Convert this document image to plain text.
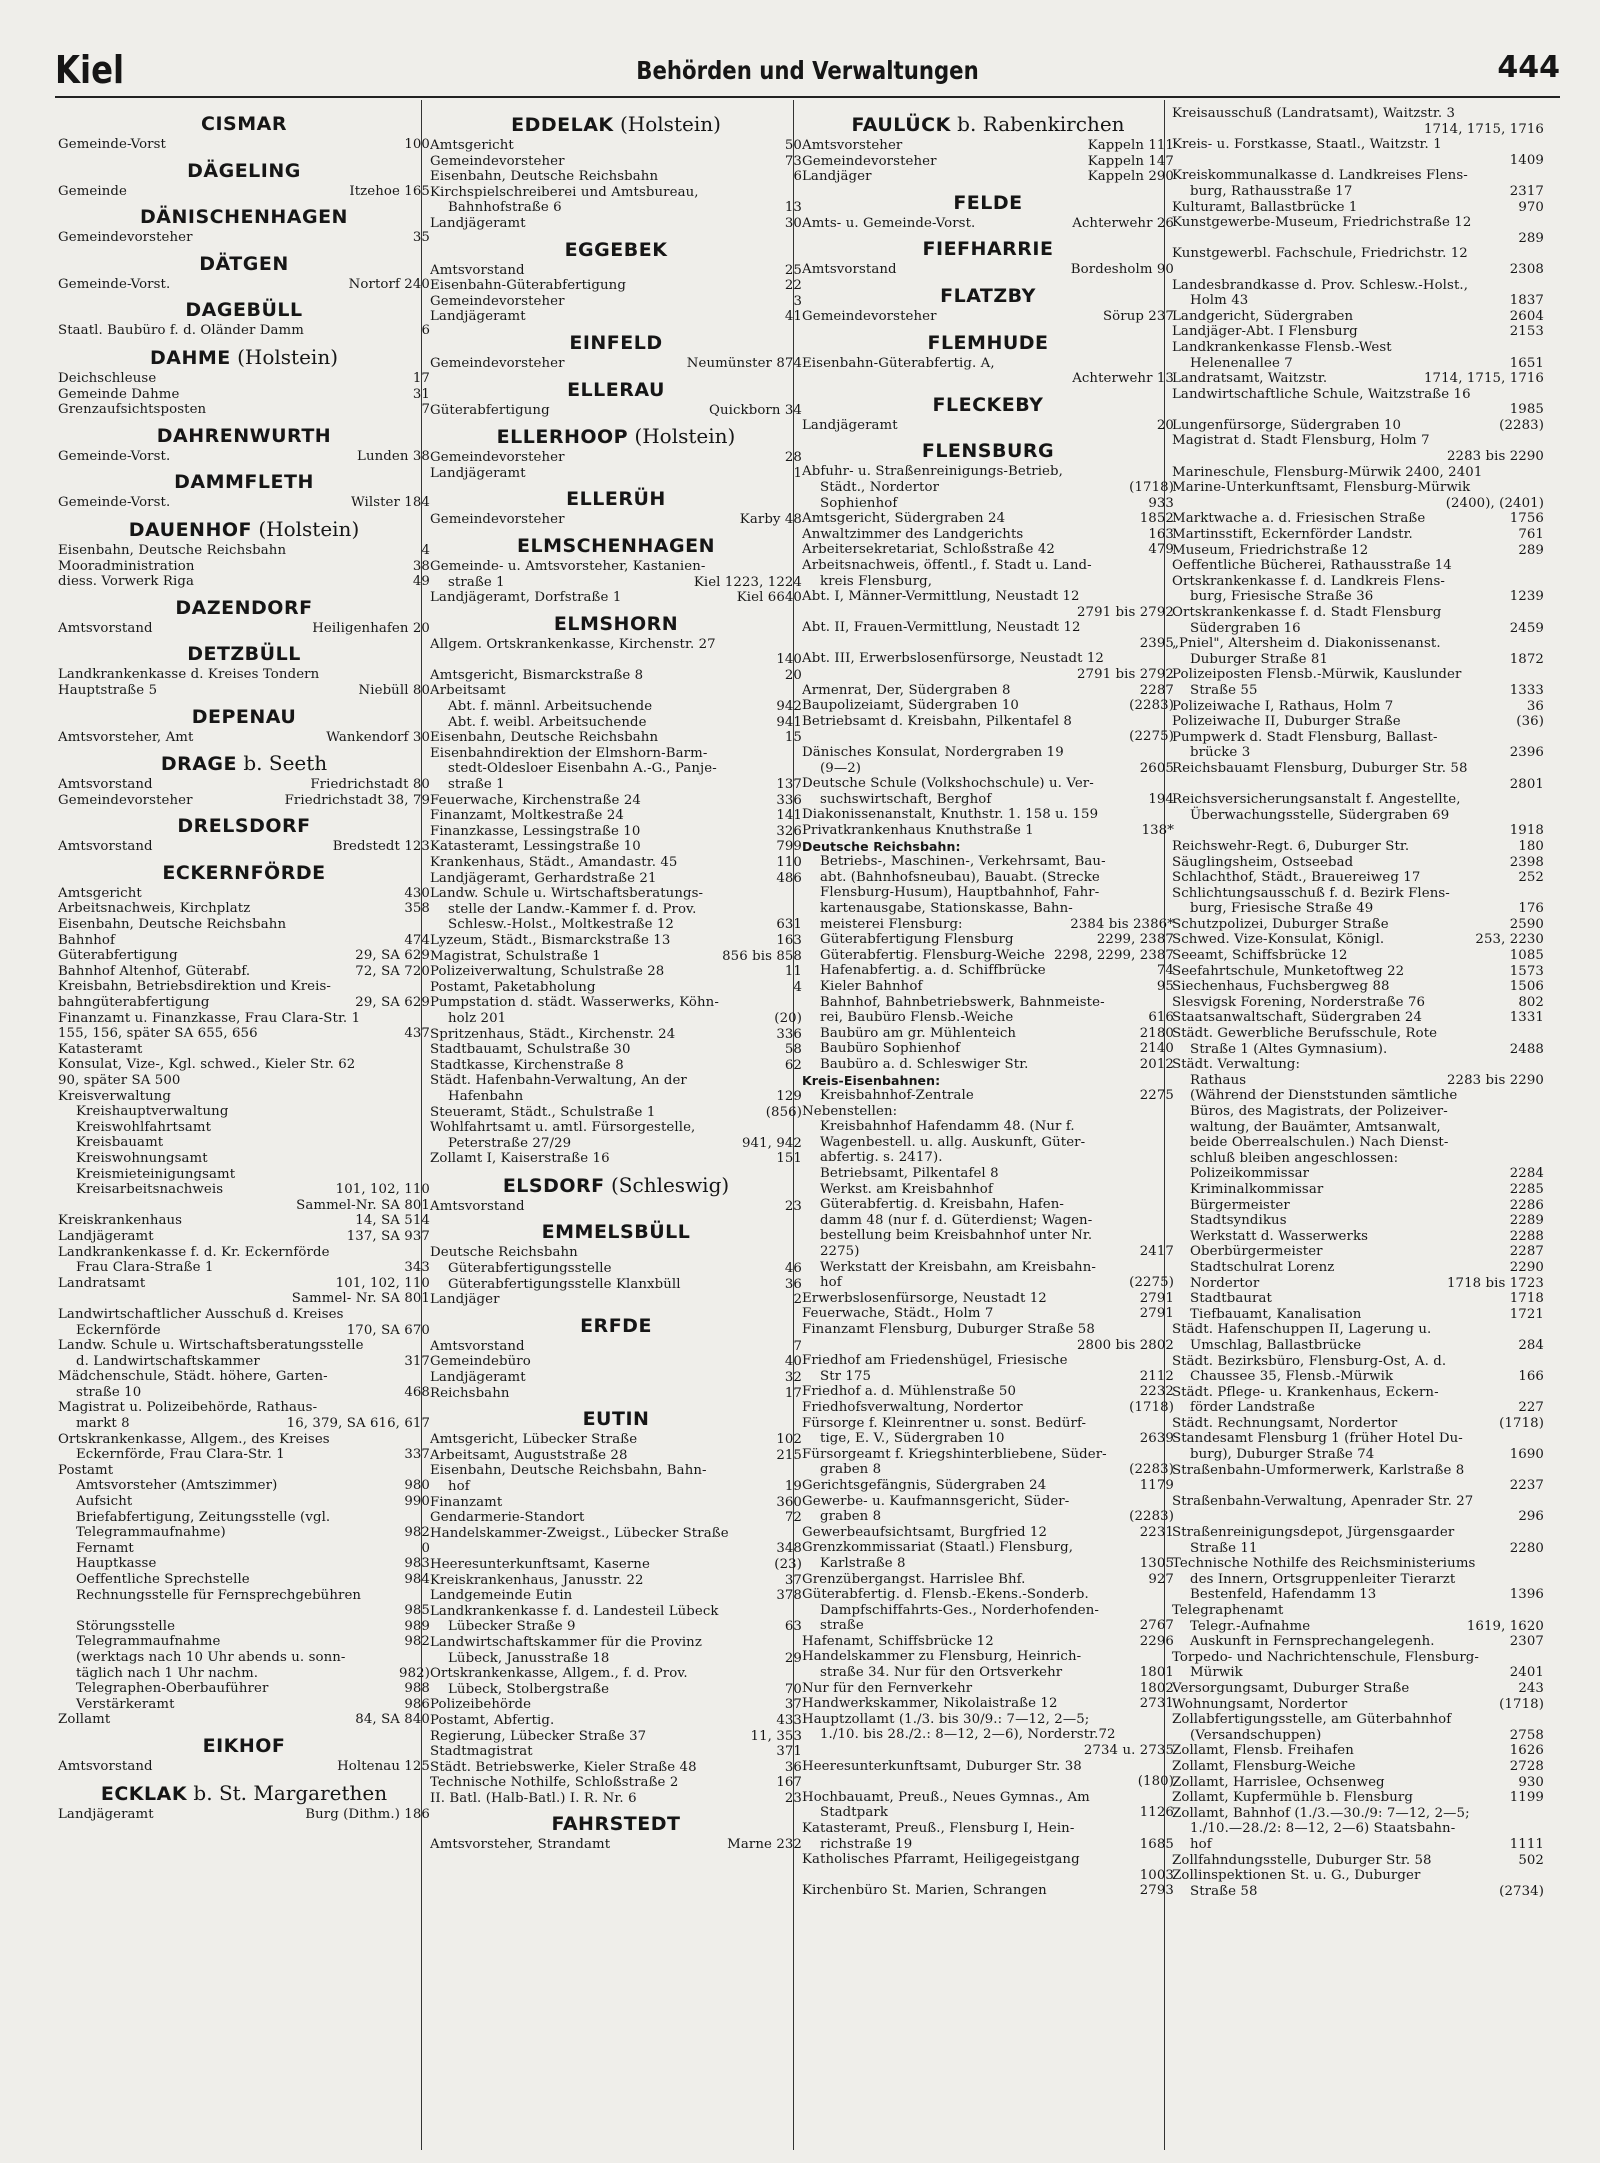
Kiel	Behörden und Verwaltungen	444
CISMAR
Gemeinde-Vorst	100
DÄGELING
Gemeinde	Itzehoe 165
DÄNISCHENHAGEN
Gemeindevorsteher	35
DÄTGEN
Gemeinde-Vorst.	Nortorf 240
DAGEBÜLL
Staatl. Baubüro f. d. Oländer Damm	6
DAHME (Holstein)
Deichschleuse	17
Gemeinde Dahme	31
Grenzaufsichtsposten	7
DAHRENWURTH
Gemeinde-Vorst.	Lunden 38
DAMMFLETH
Gemeinde-Vorst.	Wilster 184
DAUENHOF (Holstein)
Eisenbahn, Deutsche Reichsbahn	4
Mooradministration	38
diess. Vorwerk Riga	49
DAZENDORF
Amtsvorstand	Heiligenhafen 20
DETZBÜLL
Landkrankenkasse d. Kreises Tondern
Hauptstraße 5	Niebüll 80
DEPENAU
Amtsvorsteher, Amt	Wankendorf 30
DRAGE b. Seeth
Amtsvorstand	Friedrichstadt 80
Gemeindevorsteher	Friedrichstadt 38, 79
DRELSDORF
Amtsvorstand	Bredstedt 123
ECKERNFÖRDE
Amtsgericht	430
Arbeitsnachweis, Kirchplatz	358
Eisenbahn, Deutsche Reichsbahn
Bahnhof	474
Güterabfertigung	29, SA 629
Bahnhof Altenhof, Güterabf.	72, SA 720
Kreisbahn, Betriebsdirektion und Kreis-
bahngüterabfertigung	29, SA 629
Finanzamt u. Finanzkasse, Frau Clara-Str. 1
155, 156, später SA 655, 656	437
Katasteramt
Konsulat, Vize-, Kgl. schwed., Kieler Str. 62
90, später SA 500
Kreisverwaltung
Kreishauptverwaltung
Kreiswohlfahrtsamt
Kreisbauamt
Kreiswohnungsamt
Kreismieteinigungsamt
Kreisarbeitsnachweis	101, 102, 110
Sammel-Nr. SA 801
Kreiskrankenhaus	14, SA 514
Landjägeramt	137, SA 937
Landkrankenkasse f. d. Kr. Eckernförde
Frau Clara-Straße 1	343
Landratsamt	101, 102, 110
Sammel- Nr. SA 801
Landwirtschaftlicher Ausschuß d. Kreises
Eckernförde	170, SA 670
Landw. Schule u. Wirtschaftsberatungsstelle
d. Landwirtschaftskammer	317
Mädchenschule, Städt. höhere, Garten-
straße 10	468
Magistrat u. Polizeibehörde, Rathaus-
markt 8	16, 379, SA 616, 617
Ortskrankenkasse, Allgem., des Kreises
Eckernförde, Frau Clara-Str. 1	337
Postamt
Amtsvorsteher (Amtszimmer)	980
Aufsicht	990
Briefabfertigung, Zeitungsstelle (vgl.
Telegrammaufnahme)	982
Fernamt	0
Hauptkasse	983
Oeffentliche Sprechstelle	984
Rechnungsstelle für Fernsprechgebühren
985
Störungsstelle	989
Telegrammaufnahme	982
(werktags nach 10 Uhr abends u. sonn-
täglich nach 1 Uhr nachm.	982)
Telegraphen-Oberbauführer	988
Verstärkeramt	986
Zollamt	84, SA 840
EIKHOF
Amtsvorstand	Holtenau 125
ECKLAK b. St. Margarethen
Landjägeramt	Burg (Dithm.) 186
EDDELAK (Holstein)
Amtsgericht	50
Gemeindevorsteher	73
Eisenbahn, Deutsche Reichsbahn	6
Kirchspielschreiberei und Amtsbureau,
Bahnhofstraße 6	13
Landjägeramt	30
EGGEBEK
Amtsvorstand	25
Eisenbahn-Güterabfertigung	22
Gemeindevorsteher	3
Landjägeramt	41
EINFELD
Gemeindevorsteher	Neumünster 874
ELLERAU
Güterabfertigung	Quickborn 34
ELLERHOOP (Holstein)
Gemeindevorsteher	28
Landjägeramt	1
ELLERÜH
Gemeindevorsteher	Karby 48
ELMSCHENHAGEN
Gemeinde- u. Amtsvorsteher, Kastanien-
straße 1	Kiel 1223, 1224
Landjägeramt, Dorfstraße 1	Kiel 6640
ELMSHORN
Allgem. Ortskrankenkasse, Kirchenstr. 27
140
Amtsgericht, Bismarckstraße 8	20
Arbeitsamt
Abt. f. männl. Arbeitsuchende	942
Abt. f. weibl. Arbeitsuchende	941
Eisenbahn, Deutsche Reichsbahn	15
Eisenbahndirektion der Elmshorn-Barm-
stedt-Oldesloer Eisenbahn A.-G., Panje-
straße 1	137
Feuerwache, Kirchenstraße 24	336
Finanzamt, Moltkestraße 24	141
Finanzkasse, Lessingstraße 10	326
Katasteramt, Lessingstraße 10	799
Krankenhaus, Städt., Amandastr. 45	110
Landjägeramt, Gerhardstraße 21	486
Landw. Schule u. Wirtschaftsberatungs-
stelle der Landw.-Kammer f. d. Prov.
Schlesw.-Holst., Moltkestraße 12	631
Lyzeum, Städt., Bismarckstraße 13	163
Magistrat, Schulstraße 1	856 bis 858
Polizeiverwaltung, Schulstraße 28	11
Postamt, Paketabholung	4
Pumpstation d. städt. Wasserwerks, Köhn-
holz 201	(20)
Spritzenhaus, Städt., Kirchenstr. 24	336
Stadtbauamt, Schulstraße 30	58
Stadtkasse, Kirchenstraße 8	62
Städt. Hafenbahn-Verwaltung, An der
Hafenbahn	129
Steueramt, Städt., Schulstraße 1	(856)
Wohlfahrtsamt u. amtl. Fürsorgestelle,
Peterstraße 27/29	941, 942
Zollamt I, Kaiserstraße 16	151
ELSDORF (Schleswig)
Amtsvorstand	23
EMMELSBÜLL
Deutsche Reichsbahn
Güterabfertigungsstelle	46
Güterabfertigungsstelle Klanxbüll	36
Landjäger	2
ERFDE
Amtsvorstand	7
Gemeindebüro	40
Landjägeramt	32
Reichsbahn	17
EUTIN
Amtsgericht, Lübecker Straße	102
Arbeitsamt, Auguststraße 28	215
Eisenbahn, Deutsche Reichsbahn, Bahn-
hof	19
Finanzamt	360
Gendarmerie-Standort	72
Handelskammer-Zweigst., Lübecker Straße
348
Heeresunterkunftsamt, Kaserne	(23)
Kreiskrankenhaus, Janusstr. 22	37
Landgemeinde Eutin	378
Landkrankenkasse f. d. Landesteil Lübeck
Lübecker Straße 9	63
Landwirtschaftskammer für die Provinz
Lübeck, Janusstraße 18	29
Ortskrankenkasse, Allgem., f. d. Prov.
Lübeck, Stolbergstraße	70
Polizeibehörde	37
Postamt, Abfertig.	433
Regierung, Lübecker Straße 37	11, 353
Stadtmagistrat	371
Städt. Betriebswerke, Kieler Straße 48	36
Technische Nothilfe, Schloßstraße 2	167
II. Batl. (Halb-Batl.) I. R. Nr. 6	23
FAHRSTEDT
Amtsvorsteher, Strandamt	Marne 232
FAULÜCK b. Rabenkirchen
Amtsvorsteher	Kappeln 111
Gemeindevorsteher	Kappeln 147
Landjäger	Kappeln 290
FELDE
Amts- u. Gemeinde-Vorst.	Achterwehr 26
FIEFHARRIE
Amtsvorstand	Bordesholm 90
FLATZBY
Gemeindevorsteher	Sörup 237
FLEMHUDE
Eisenbahn-Güterabfertig. A,
Achterwehr 13
FLECKEBY
Landjägeramt	20
FLENSBURG
Abfuhr- u. Straßenreinigungs-Betrieb,
Städt., Nordertor	(1718)
Sophienhof	933
Amtsgericht, Südergraben 24	1852
Anwaltzimmer des Landgerichts	163
Arbeitersekretariat, Schloßstraße 42	479
Arbeitsnachweis, öffentl., f. Stadt u. Land-
kreis Flensburg,
Abt. I, Männer-Vermittlung, Neustadt 12
2791 bis 2792
Abt. II, Frauen-Vermittlung, Neustadt 12
2395
Abt. III, Erwerbslosenfürsorge, Neustadt 12
2791 bis 2792
Armenrat, Der, Südergraben 8	2287
Baupolizeiamt, Südergraben 10	(2283)
Betriebsamt d. Kreisbahn, Pilkentafel 8
(2275)
Dänisches Konsulat, Nordergraben 19
(9—2)	2605
Deutsche Schule (Volkshochschule) u. Ver-
suchswirtschaft, Berghof	194
Diakonissenanstalt, Knuthstr. 1. 158 u. 159
Privatkrankenhaus Knuthstraße 1	138*
Deutsche Reichsbahn:
Betriebs-, Maschinen-, Verkehrsamt, Bau-
abt. (Bahnhofsneubau), Bauabt. (Strecke
Flensburg-Husum), Hauptbahnhof, Fahr-
kartenausgabe, Stationskasse, Bahn-
meisterei Flensburg:	2384 bis 2386*
Güterabfertigung Flensburg	2299, 2387
Güterabfertig. Flensburg-Weiche 2298, 2299, 2387
Hafenabfertig. a. d. Schiffbrücke	74
Kieler Bahnhof	95
Bahnhof, Bahnbetriebswerk, Bahnmeiste-
rei, Baubüro Flensb.-Weiche	616
Baubüro am gr. Mühlenteich	2180
Baubüro Sophienhof	2140
Baubüro a. d. Schleswiger Str.	2012
Kreis-Eisenbahnen:
Kreisbahnhof-Zentrale	2275
Nebenstellen:
Kreisbahnhof Hafendamm 48. (Nur f.
Wagenbestell. u. allg. Auskunft, Güter-
abfertig. s. 2417).
Betriebsamt, Pilkentafel 8
Werkst. am Kreisbahnhof
Güterabfertig. d. Kreisbahn, Hafen-
damm 48 (nur f. d. Güterdienst; Wagen-
bestellung beim Kreisbahnhof unter Nr.
2275)	2417
Werkstatt der Kreisbahn, am Kreisbahn-
hof	(2275)
Erwerbslosenfürsorge, Neustadt 12	2791
Feuerwache, Städt., Holm 7	2791
Finanzamt Flensburg, Duburger Straße 58
2800 bis 2802
Friedhof am Friedenshügel, Friesische
Str 175	2112
Friedhof a. d. Mühlenstraße 50	2232
Friedhofsverwaltung, Nordertor	(1718)
Fürsorge f. Kleinrentner u. sonst. Bedürf-
tige, E. V., Südergraben 10	2639
Fürsorgeamt f. Kriegshinterbliebene, Süder-
graben 8	(2283)
Gerichtsgefängnis, Südergraben 24	1179
Gewerbe- u. Kaufmannsgericht, Süder-
graben 8	(2283)
Gewerbeaufsichtsamt, Burgfried 12	2231
Grenzkommissariat (Staatl.) Flensburg,
Karlstraße 8	1305
Grenzübergangst. Harrislee Bhf.	927
Güterabfertig. d. Flensb.-Ekens.-Sonderb.
Dampfschiffahrts-Ges., Norderhofenden-
straße	2767
Hafenamt, Schiffsbrücke 12	2296
Handelskammer zu Flensburg, Heinrich-
straße 34. Nur für den Ortsverkehr	1801
Nur für den Fernverkehr	1802
Handwerkskammer, Nikolaistraße 12	2731
Hauptzollamt (1./3. bis 30/9.: 7—12, 2—5;
1./10. bis 28./2.: 8—12, 2—6), Norderstr.72
2734 u. 2735
Heeresunterkunftsamt, Duburger Str. 38
(180)
Hochbauamt, Preuß., Neues Gymnas., Am
Stadtpark	1126
Katasteramt, Preuß., Flensburg I, Hein-
richstraße 19	1685
Katholisches Pfarramt, Heiligegeistgang
1003
Kirchenbüro St. Marien, Schrangen	2793
Kreisausschuß (Landratsamt), Waitzstr. 3
1714, 1715, 1716
Kreis- u. Forstkasse, Staatl., Waitzstr. 1
1409
Kreiskommunalkasse d. Landkreises Flens-
burg, Rathausstraße 17	2317
Kulturamt, Ballastbrücke 1	970
Kunstgewerbe-Museum, Friedrichstraße 12
289
Kunstgewerbl. Fachschule, Friedrichstr. 12
2308
Landesbrandkasse d. Prov. Schlesw.-Holst.,
Holm 43	1837
Landgericht, Südergraben	2604
Landjäger-Abt. I Flensburg	2153
Landkrankenkasse Flensb.-West
Helenenallee 7	1651
Landratsamt, Waitzstr.	1714, 1715, 1716
Landwirtschaftliche Schule, Waitzstraße 16
1985
Lungenfürsorge, Südergraben 10	(2283)
Magistrat d. Stadt Flensburg, Holm 7
2283 bis 2290
Marineschule, Flensburg-Mürwik 2400, 2401
Marine-Unterkunftsamt, Flensburg-Mürwik
(2400), (2401)
Marktwache a. d. Friesischen Straße	1756
Martinsstift, Eckernförder Landstr.	761
Museum, Friedrichstraße 12	289
Oeffentliche Bücherei, Rathausstraße 14
Ortskrankenkasse f. d. Landkreis Flens-
burg, Friesische Straße 36	1239
Ortskrankenkasse f. d. Stadt Flensburg
Südergraben 16	2459
„Pniel", Altersheim d. Diakonissenanst.
Duburger Straße 81	1872
Polizeiposten Flensb.-Mürwik, Kauslunder
Straße 55	1333
Polizeiwache I, Rathaus, Holm 7	36
Polizeiwache II, Duburger Straße	(36)
Pumpwerk d. Stadt Flensburg, Ballast-
brücke 3	2396
Reichsbauamt Flensburg, Duburger Str. 58
2801
Reichsversicherungsanstalt f. Angestellte,
Überwachungsstelle, Südergraben 69
1918
Reichswehr-Regt. 6, Duburger Str.	180
Säuglingsheim, Ostseebad	2398
Schlachthof, Städt., Brauereiweg 17	252
Schlichtungsausschuß f. d. Bezirk Flens-
burg, Friesische Straße 49	176
Schutzpolizei, Duburger Straße	2590
Schwed. Vize-Konsulat, Königl.	253, 2230
Seeamt, Schiffsbrücke 12	1085
Seefahrtschule, Munketoftweg 22	1573
Siechenhaus, Fuchsbergweg 88	1506
Slesvigsk Forening, Norderstraße 76	802
Staatsanwaltschaft, Südergraben 24	1331
Städt. Gewerbliche Berufsschule, Rote
Straße 1 (Altes Gymnasium).	2488
Städt. Verwaltung:
Rathaus	2283 bis 2290
(Während der Dienststunden sämtliche
Büros, des Magistrats, der Polizeiver-
waltung, der Bauämter, Amtsanwalt,
beide Oberrealschulen.) Nach Dienst-
schluß bleiben angeschlossen:
Polizeikommissar	2284
Kriminalkommissar	2285
Bürgermeister	2286
Stadtsyndikus	2289
Werkstatt d. Wasserwerks	2288
Oberbürgermeister	2287
Stadtschulrat Lorenz	2290
Nordertor	1718 bis 1723
Stadtbaurat	1718
Tiefbauamt, Kanalisation	1721
Städt. Hafenschuppen II, Lagerung u.
Umschlag, Ballastbrücke	284
Städt. Bezirksbüro, Flensburg-Ost, A. d.
Chaussee 35, Flensb.-Mürwik	166
Städt. Pflege- u. Krankenhaus, Eckern-
förder Landstraße	227
Städt. Rechnungsamt, Nordertor	(1718)
Standesamt Flensburg 1 (früher Hotel Du-
burg), Duburger Straße 74	1690
Straßenbahn-Umformerwerk, Karlstraße 8
2237
Straßenbahn-Verwaltung, Apenrader Str. 27
296
Straßenreinigungsdepot, Jürgensgaarder
Straße 11	2280
Technische Nothilfe des Reichsministeriums
des Innern, Ortsgruppenleiter Tierarzt
Bestenfeld, Hafendamm 13	1396
Telegraphenamt
Telegr.-Aufnahme	1619, 1620
Auskunft in Fernsprechangelegenh.	2307
Torpedo- und Nachrichtenschule, Flensburg-
Mürwik	2401
Versorgungsamt, Duburger Straße	243
Wohnungsamt, Nordertor	(1718)
Zollabfertigungsstelle, am Güterbahnhof
(Versandschuppen)	2758
Zollamt, Flensb. Freihafen	1626
Zollamt, Flensburg-Weiche	2728
Zollamt, Harrislee, Ochsenweg	930
Zollamt, Kupfermühle b. Flensburg	1199
Zollamt, Bahnhof (1./3.—30./9: 7—12, 2—5;
1./10.—28./2: 8—12, 2—6) Staatsbahn-
hof	1111
Zollfahndungsstelle, Duburger Str. 58	502
Zollinspektionen St. u. G., Duburger
Straße 58	(2734)
